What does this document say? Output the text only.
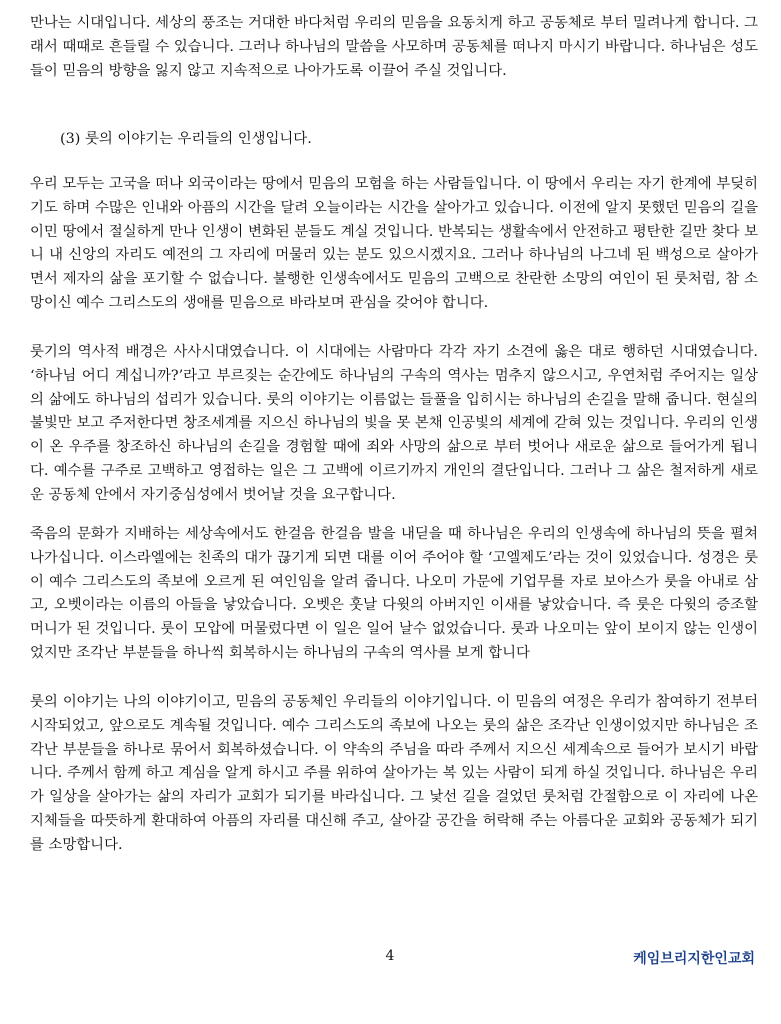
만나는 시대입니다. 세상의 풍조는 거대한 바다처럼 우리의 믿음을 요동치게 하고 공동체로 부터 밀려나게 합니다. 그래서 때때로 흔들릴 수 있습니다. 그러나 하나님의 말씀을 사모하며 공동체를 떠나지 마시기 바랍니다. 하나님은 성도들이 믿음의 방향을 잃지 않고 지속적으로 나아가도록 이끌어 주실 것입니다.

(3) 룻의 이야기는 우리들의 인생입니다.

우리 모두는 고국을 떠나 외국이라는 땅에서 믿음의 모험을 하는 사람들입니다. 이 땅에서 우리는 자기 한계에 부딪히기도 하며 수많은 인내와 아픔의 시간을 달려 오늘이라는 시간을 살아가고 있습니다. 이전에 알지 못했던 믿음의 길을 이민 땅에서 절실하게 만나 인생이 변화된 분들도 계실 것입니다. 반복되는 생활속에서 안전하고 평탄한 길만 찾다 보니 내 신앙의 자리도 예전의 그 자리에 머물러 있는 분도 있으시겠지요. 그러나 하나님의 나그네 된 백성으로 살아가면서 제자의 삶을 포기할 수 없습니다. 불행한 인생속에서도 믿음의 고백으로 찬란한 소망의 여인이 된 룻처럼, 참 소망이신 예수 그리스도의 생애를 믿음으로 바라보며 관심을 갖어야 합니다.

룻기의 역사적 배경은 사사시대였습니다. 이 시대에는 사람마다 각각 자기 소견에 옳은 대로 행하던 시대였습니다. ‘하나님 어디 계십니까?’라고 부르짖는 순간에도 하나님의 구속의 역사는 멈추지 않으시고, 우연처럼 주어지는 일상의 삶에도 하나님의 섭리가 있습니다. 룻의 이야기는 이름없는 들풀을 입히시는 하나님의 손길을 말해 줍니다. 현실의 불빛만 보고 주저한다면 창조세계를 지으신 하나님의 빛을 못 본채 인공빛의 세계에 갇혀 있는 것입니다. 우리의 인생이 온 우주를 창조하신 하나님의 손길을 경험할 때에 죄와 사망의 삶으로 부터 벗어나 새로운 삶으로 들어가게 됩니다. 예수를 구주로 고백하고 영접하는 일은 그 고백에 이르기까지 개인의 결단입니다. 그러나 그 삶은 철저하게 새로운 공동체 안에서 자기중심성에서 벗어날 것을 요구합니다.

죽음의 문화가 지배하는 세상속에서도 한걸음 한걸음 발을 내딛을 때 하나님은 우리의 인생속에 하나님의 뜻을 펼쳐 나가십니다. 이스라엘에는 친족의 대가 끊기게 되면 대를 이어 주어야 할 ‘고엘제도’라는 것이 있었습니다. 성경은 룻이 예수 그리스도의 족보에 오르게 된 여인임을 알려 줍니다. 나오미 가문에 기업무를 자로 보아스가 룻을 아내로 삼고, 오벳이라는 이름의 아들을 낳았습니다. 오벳은 훗날 다윗의 아버지인 이새를 낳았습니다. 즉 룻은 다윗의 증조할머니가 된 것입니다. 룻이 모압에 머물렀다면 이 일은 일어 날수 없었습니다. 룻과 나오미는 앞이 보이지 않는 인생이었지만 조각난 부분들을 하나씩 회복하시는 하나님의 구속의 역사를 보게 합니다

룻의 이야기는 나의 이야기이고, 믿음의 공동체인 우리들의 이야기입니다. 이 믿음의 여정은 우리가 참여하기 전부터 시작되었고, 앞으로도 계속될 것입니다. 예수 그리스도의 족보에 나오는 룻의 삶은 조각난 인생이었지만 하나님은 조각난 부분들을 하나로 묶어서 회복하셨습니다. 이 약속의 주님을 따라 주께서 지으신 세계속으로 들어가 보시기 바랍니다. 주께서 함께 하고 계심을 알게 하시고 주를 위하여 살아가는 복 있는 사람이 되게 하실 것입니다. 하나님은 우리가 일상을 살아가는 삶의 자리가 교회가 되기를 바라십니다. 그 낯선 길을 걸었던 룻처럼 간절함으로 이 자리에 나온 지체들을 따뜻하게 환대하여 아픔의 자리를 대신해 주고, 살아갈 공간을 허락해 주는 아름다운 교회와 공동체가 되기를 소망합니다.

4	케임브리지한인교회
